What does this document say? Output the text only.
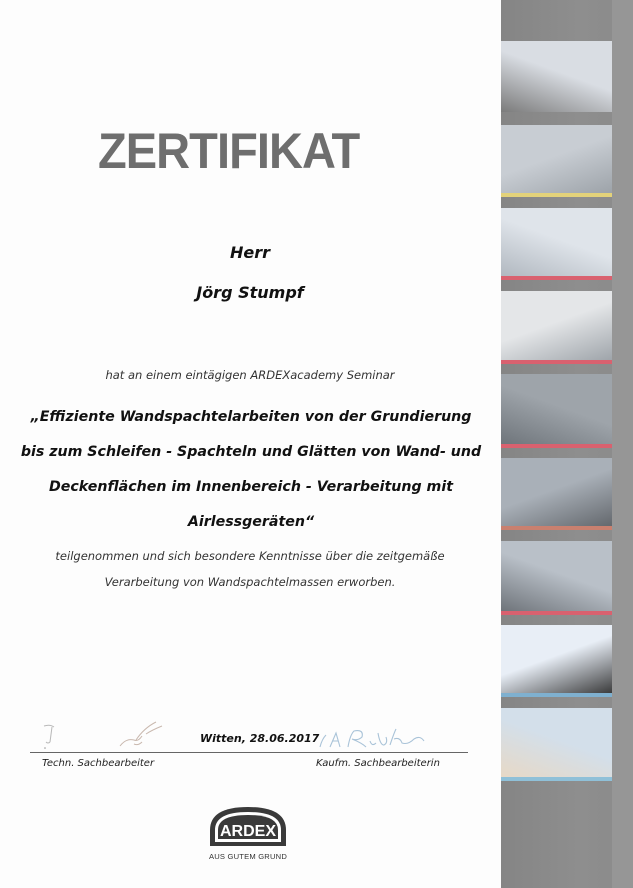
ZERTIFIKAT
Herr
Jörg Stumpf
hat an einem eintägigen ARDEXacademy Seminar
„Effiziente Wandspachtelarbeiten von der Grundierung
bis zum Schleifen - Spachteln und Glätten von Wand- und
Deckenflächen im Innenbereich - Verarbeitung mit
Airlessgeräten“
teilgenommen und sich besondere Kenntnisse über die zeitgemäße
Verarbeitung von Wandspachtelmassen erworben.
Witten, 28.06.2017
Techn. Sachbearbeiter	Kaufm. Sachbearbeiterin
ARDEX
AUS GUTEM GRUND
